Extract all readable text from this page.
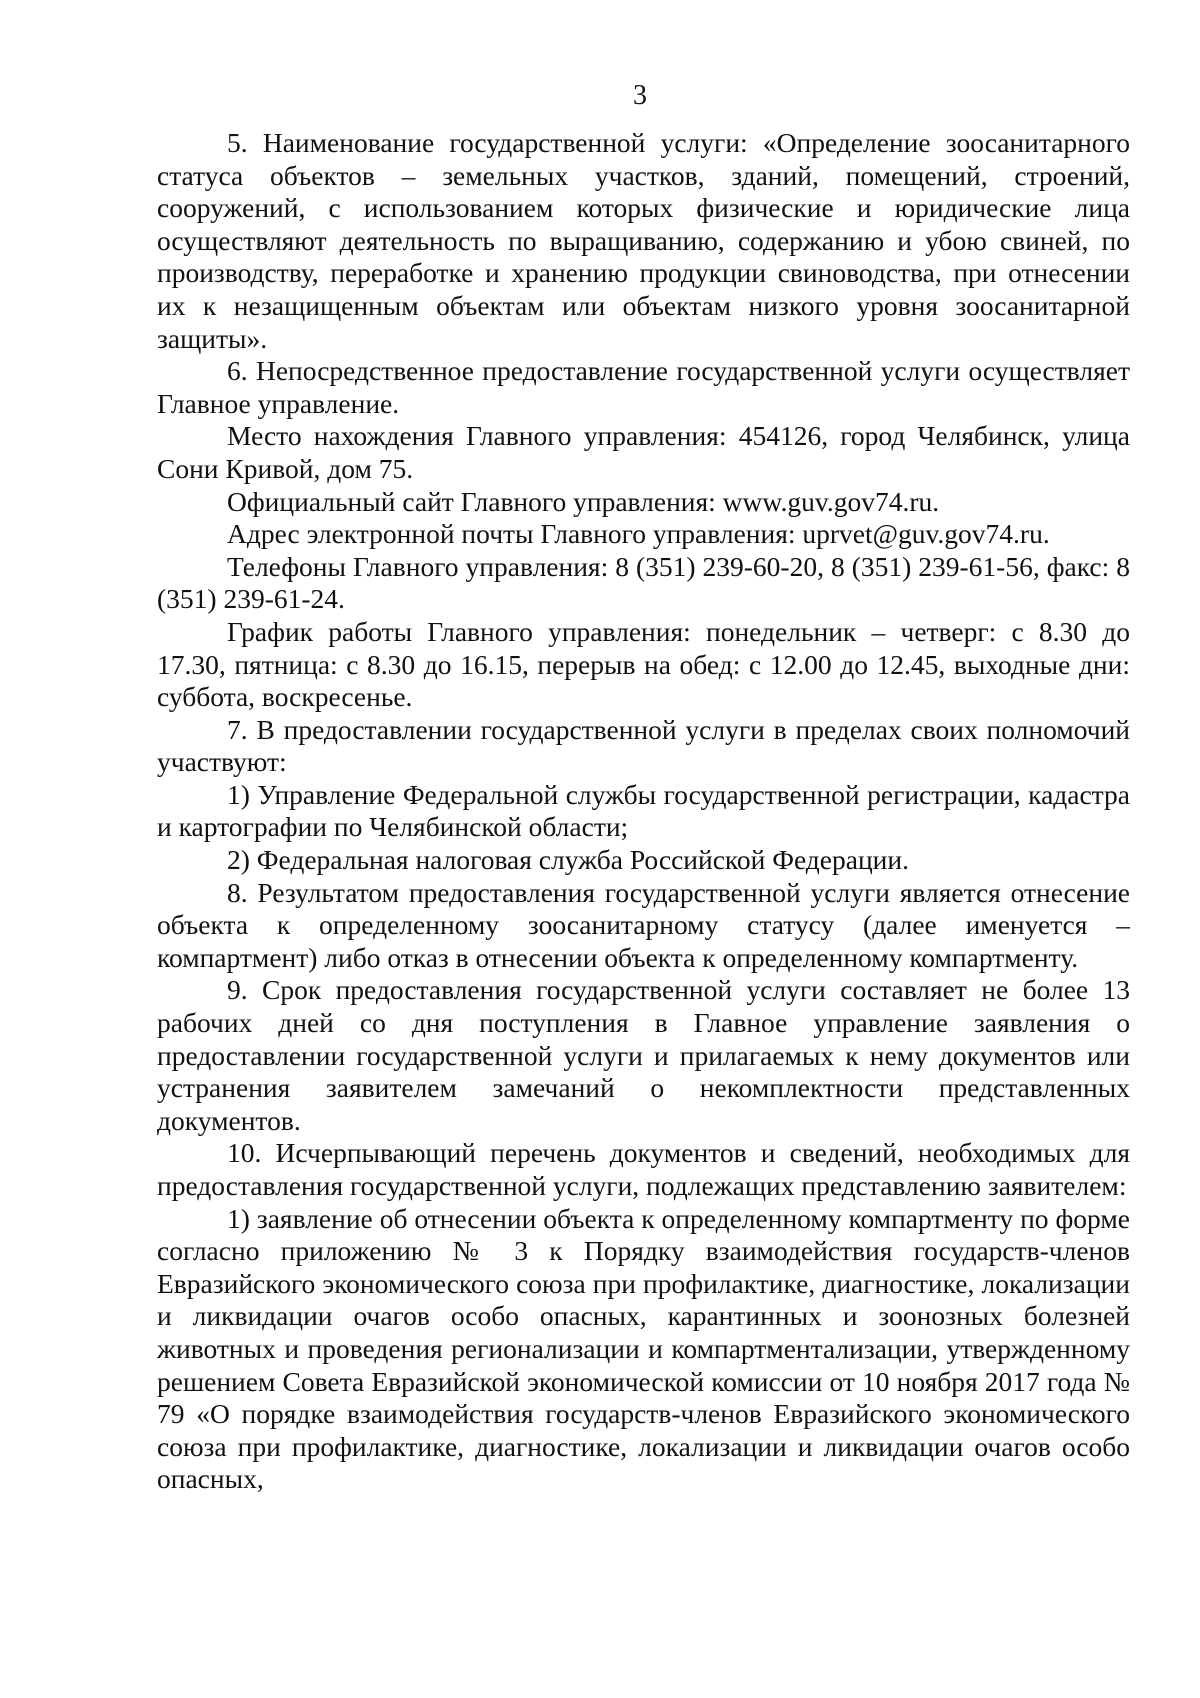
3

5. Наименование государственной услуги: «Определение зоосанитарного статуса объектов – земельных участков, зданий, помещений, строений, сооружений, с использованием которых физические и юридические лица осуществляют деятельность по выращиванию, содержанию и убою свиней, по производству, переработке и хранению продукции свиноводства, при отнесении их к незащищенным объектам или объектам низкого уровня зоосанитарной защиты».

6. Непосредственное предоставление государственной услуги осуществляет Главное управление.

Место нахождения Главного управления: 454126, город Челябинск, улица Сони Кривой, дом 75.

Официальный сайт Главного управления: www.guv.gov74.ru.

Адрес электронной почты Главного управления: uprvet@guv.gov74.ru.

Телефоны Главного управления: 8 (351) 239-60-20, 8 (351) 239-61-56, факс: 8 (351) 239-61-24.

График работы Главного управления: понедельник – четверг: с 8.30 до 17.30, пятница: с 8.30 до 16.15, перерыв на обед: с 12.00 до 12.45, выходные дни: суббота, воскресенье.

7. В предоставлении государственной услуги в пределах своих полномочий участвуют:

1) Управление Федеральной службы государственной регистрации, кадастра и картографии по Челябинской области;

2) Федеральная налоговая служба Российской Федерации.

8. Результатом предоставления государственной услуги является отнесение объекта к определенному зоосанитарному статусу (далее именуется – компартмент) либо отказ в отнесении объекта к определенному компартменту.

9. Срок предоставления государственной услуги составляет не более 13 рабочих дней со дня поступления в Главное управление заявления о предоставлении государственной услуги и прилагаемых к нему документов или устранения заявителем замечаний о некомплектности представленных документов.

10. Исчерпывающий перечень документов и сведений, необходимых для предоставления государственной услуги, подлежащих представлению заявителем:

1) заявление об отнесении объекта к определенному компартменту по форме согласно приложению № 3 к Порядку взаимодействия государств-членов Евразийского экономического союза при профилактике, диагностике, локализации и ликвидации очагов особо опасных, карантинных и зоонозных болезней животных и проведения регионализации и компартментализации, утвержденному решением Совета Евразийской экономической комиссии от 10 ноября 2017 года № 79 «О порядке взаимодействия государств-членов Евразийского экономического союза при профилактике, диагностике, локализации и ликвидации очагов особо опасных,
